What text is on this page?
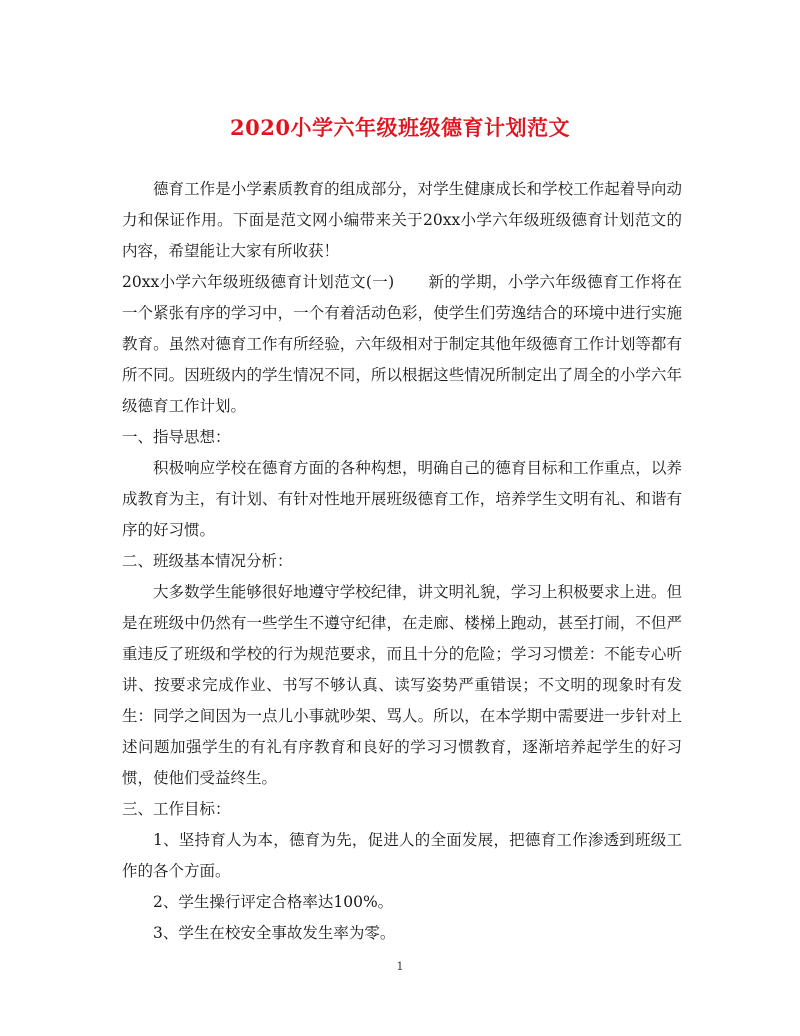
2020小学六年级班级德育计划范文

德育工作是小学素质教育的组成部分，对学生健康成长和学校工作起着导向动力和保证作用。下面是范文网小编带来关于20xx小学六年级班级德育计划范文的内容，希望能让大家有所收获！

20xx小学六年级班级德育计划范文(一) 新的学期，小学六年级德育工作将在一个紧张有序的学习中，一个有着活动色彩，使学生们劳逸结合的环境中进行实施教育。虽然对德育工作有所经验，六年级相对于制定其他年级德育工作计划等都有所不同。因班级内的学生情况不同，所以根据这些情况所制定出了周全的小学六年级德育工作计划。

一、指导思想：

积极响应学校在德育方面的各种构想，明确自己的德育目标和工作重点，以养成教育为主，有计划、有针对性地开展班级德育工作，培养学生文明有礼、和谐有序的好习惯。

二、班级基本情况分析：

大多数学生能够很好地遵守学校纪律，讲文明礼貌，学习上积极要求上进。但是在班级中仍然有一些学生不遵守纪律，在走廊、楼梯上跑动，甚至打闹，不但严重违反了班级和学校的行为规范要求，而且十分的危险；学习习惯差：不能专心听讲、按要求完成作业、书写不够认真、读写姿势严重错误；不文明的现象时有发生：同学之间因为一点儿小事就吵架、骂人。所以，在本学期中需要进一步针对上述问题加强学生的有礼有序教育和良好的学习习惯教育，逐渐培养起学生的好习惯，使他们受益终生。

三、工作目标：

1、坚持育人为本，德育为先，促进人的全面发展，把德育工作渗透到班级工作的各个方面。

2、学生操行评定合格率达100%。

3、学生在校安全事故发生率为零。

1
